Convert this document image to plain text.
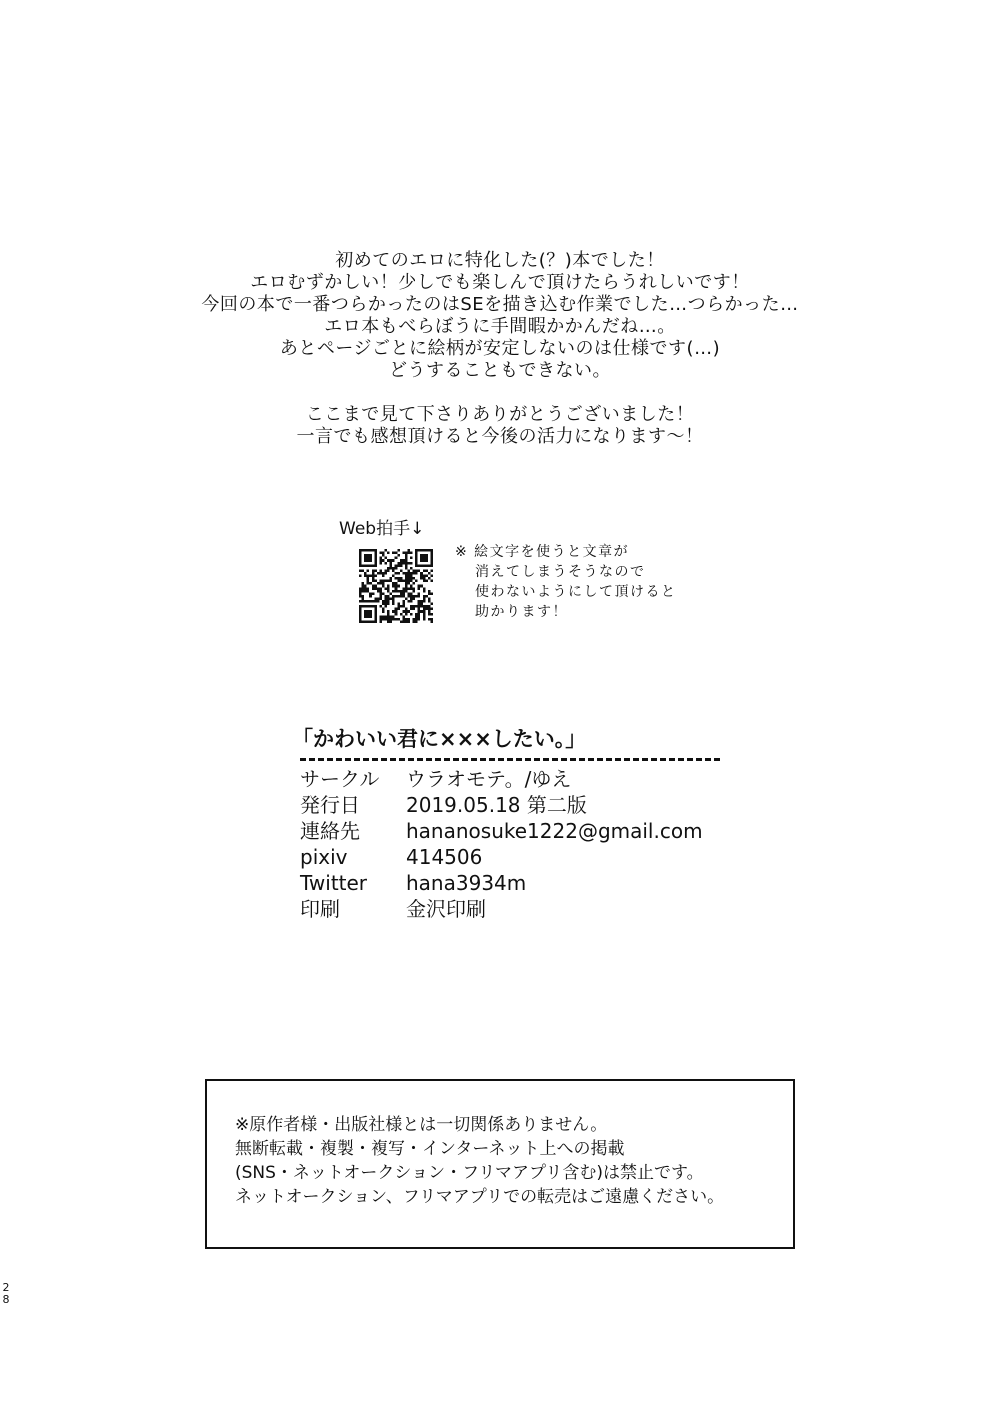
初めてのエロに特化した(？)本でした！
エロむずかしい！少しでも楽しんで頂けたらうれしいです！
今回の本で一番つらかったのはSEを描き込む作業でした…つらかった…
エロ本もべらぼうに手間暇かかんだね…。
あとページごとに絵柄が安定しないのは仕様です(…)
どうすることもできない。
ここまで見て下さりありがとうございました！
一言でも感想頂けると今後の活力になります～！
Web拍手↓
※ 絵文字を使うと文章が
消えてしまうそうなので
使わないようにして頂けると
助かります！
「かわいい君に×××したい。」
サークル ウラオモテ。/ゆえ
発行日 2019.05.18 第二版
連絡先 hananosuke1222@gmail.com
pixiv	414506
Twitter hana3934m
印刷	金沢印刷
※原作者様・出版社様とは一切関係ありません。
無断転載・複製・複写・インターネット上への掲載
(SNS・ネットオークション・フリマアプリ含む)は禁止です。
ネットオークション、フリマアプリでの転売はご遠慮ください。
2
8
